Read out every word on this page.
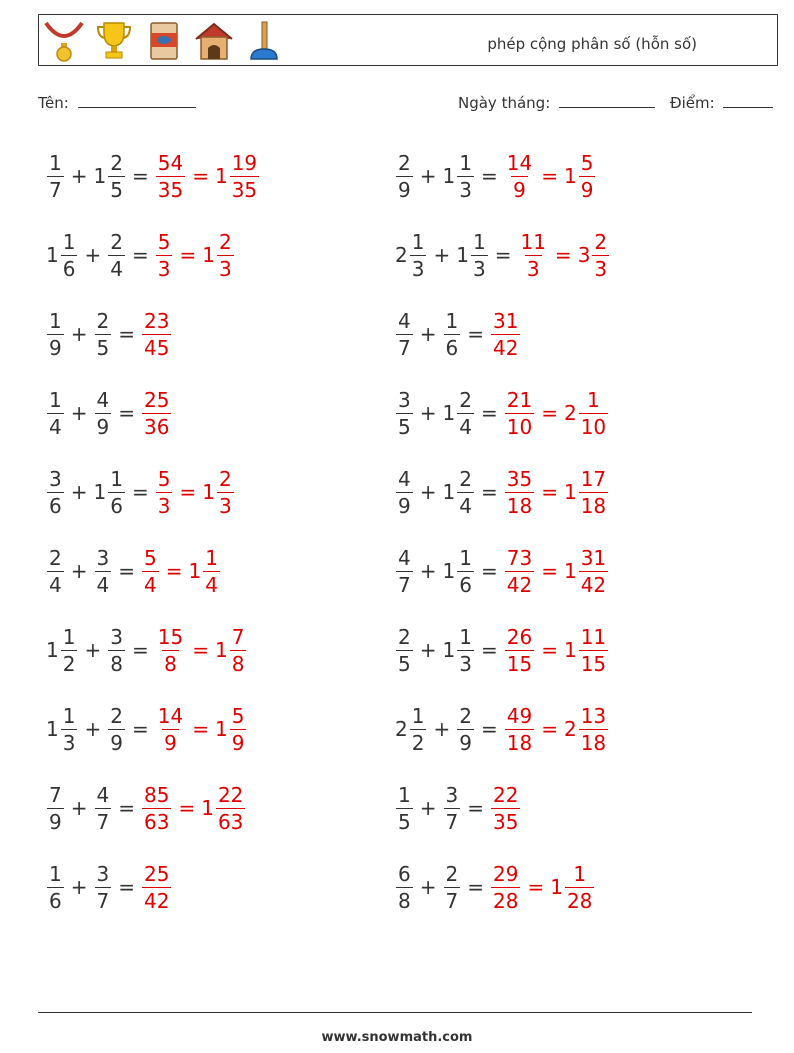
phép cộng phân số (hỗn số)
Tên:	Ngày tháng:	Điểm:
$\frac{1}{7} + 1 \frac{2}{5} = \frac{54}{35} = 1 \frac{19}{35}$	$\frac{2}{9} + 1 \frac{1}{3} = \frac{14}{9} = 1 \frac{5}{9}$
$1 \frac{1}{6} + \frac{2}{4} = \frac{5}{3} = 1 \frac{2}{3}$	$2 \frac{1}{3} + 1 \frac{1}{3} = \frac{11}{3} = 3 \frac{2}{3}$
$\frac{1}{9} + \frac{2}{5} = \frac{23}{45}$	$\frac{4}{7} + \frac{1}{6} = \frac{31}{42}$
$\frac{1}{4} + \frac{4}{9} = \frac{25}{36}$	$\frac{3}{5} + 1 \frac{2}{4} = \frac{21}{10} = 2 \frac{1}{10}$
$\frac{3}{6} + 1 \frac{1}{6} = \frac{5}{3} = 1 \frac{2}{3}$	$\frac{4}{9} + 1 \frac{2}{4} = \frac{35}{18} = 1 \frac{17}{18}$
$\frac{2}{4} + \frac{3}{4} = \frac{5}{4} = 1 \frac{1}{4}$	$\frac{4}{7} + 1 \frac{1}{6} = \frac{73}{42} = 1 \frac{31}{42}$
$1 \frac{1}{2} + \frac{3}{8} = \frac{15}{8} = 1 \frac{7}{8}$	$\frac{2}{5} + 1 \frac{1}{3} = \frac{26}{15} = 1 \frac{11}{15}$
$1 \frac{1}{3} + \frac{2}{9} = \frac{14}{9} = 1 \frac{5}{9}$	$2 \frac{1}{2} + \frac{2}{9} = \frac{49}{18} = 2 \frac{13}{18}$
$\frac{7}{9} + \frac{4}{7} = \frac{85}{63} = 1 \frac{22}{63}$	$\frac{1}{5} + \frac{3}{7} = \frac{22}{35}$
$\frac{1}{6} + \frac{3}{7} = \frac{25}{42}$	$\frac{6}{8} + \frac{2}{7} = \frac{29}{28} = 1 \frac{1}{28}$
www.snowmath.com
